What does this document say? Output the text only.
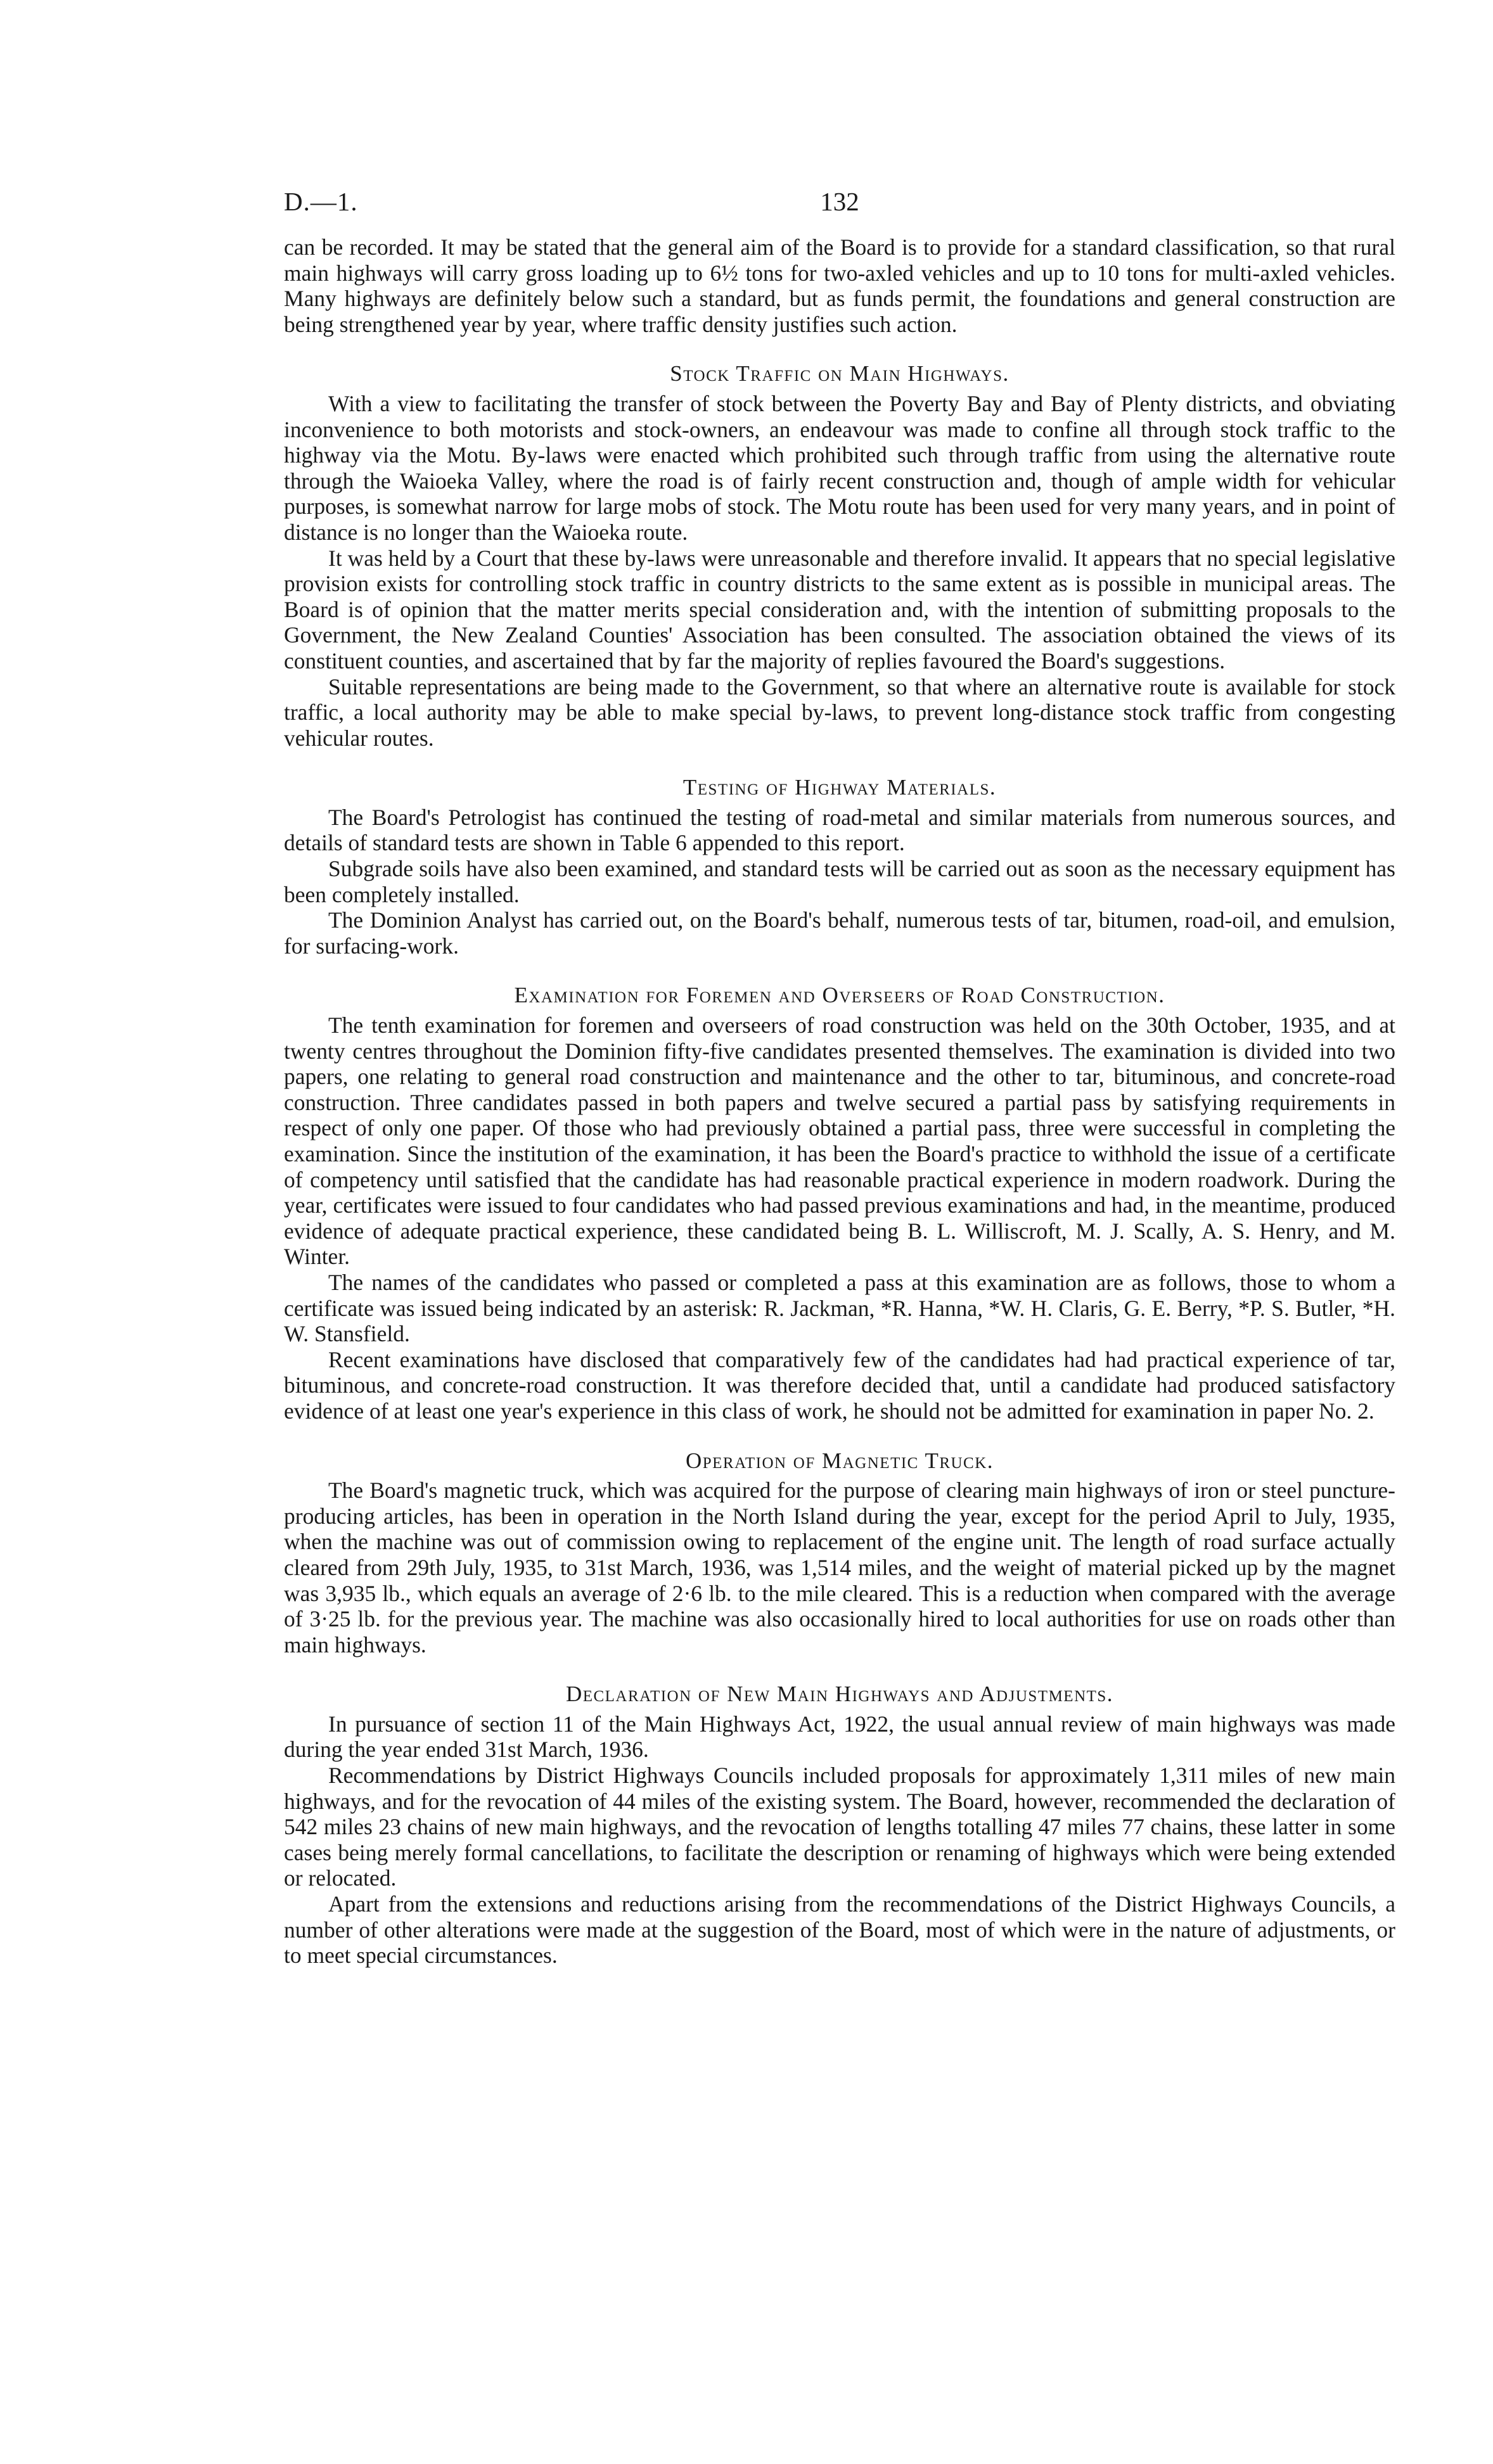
D.—1.	132

can be recorded. It may be stated that the general aim of the Board is to provide for a standard classification, so that rural main highways will carry gross loading up to 6½ tons for two-axled vehicles and up to 10 tons for multi-axled vehicles. Many highways are definitely below such a standard, but as funds permit, the foundations and general construction are being strengthened year by year, where traffic density justifies such action.

Stock Traffic on Main Highways.

With a view to facilitating the transfer of stock between the Poverty Bay and Bay of Plenty districts, and obviating inconvenience to both motorists and stock-owners, an endeavour was made to confine all through stock traffic to the highway via the Motu. By-laws were enacted which prohibited such through traffic from using the alternative route through the Waioeka Valley, where the road is of fairly recent construction and, though of ample width for vehicular purposes, is somewhat narrow for large mobs of stock. The Motu route has been used for very many years, and in point of distance is no longer than the Waioeka route.

It was held by a Court that these by-laws were unreasonable and therefore invalid. It appears that no special legislative provision exists for controlling stock traffic in country districts to the same extent as is possible in municipal areas. The Board is of opinion that the matter merits special consideration and, with the intention of submitting proposals to the Government, the New Zealand Counties' Association has been consulted. The association obtained the views of its constituent counties, and ascertained that by far the majority of replies favoured the Board's suggestions.

Suitable representations are being made to the Government, so that where an alternative route is available for stock traffic, a local authority may be able to make special by-laws, to prevent long-distance stock traffic from congesting vehicular routes.

Testing of Highway Materials.

The Board's Petrologist has continued the testing of road-metal and similar materials from numerous sources, and details of standard tests are shown in Table 6 appended to this report.

Subgrade soils have also been examined, and standard tests will be carried out as soon as the necessary equipment has been completely installed.

The Dominion Analyst has carried out, on the Board's behalf, numerous tests of tar, bitumen, road-oil, and emulsion, for surfacing-work.

Examination for Foremen and Overseers of Road Construction.

The tenth examination for foremen and overseers of road construction was held on the 30th October, 1935, and at twenty centres throughout the Dominion fifty-five candidates presented themselves. The examination is divided into two papers, one relating to general road construction and maintenance and the other to tar, bituminous, and concrete-road construction. Three candidates passed in both papers and twelve secured a partial pass by satisfying requirements in respect of only one paper. Of those who had previously obtained a partial pass, three were successful in completing the examination. Since the institution of the examination, it has been the Board's practice to withhold the issue of a certificate of competency until satisfied that the candidate has had reasonable practical experience in modern roadwork. During the year, certificates were issued to four candidates who had passed previous examinations and had, in the meantime, produced evidence of adequate practical experience, these candidated being B. L. Williscroft, M. J. Scally, A. S. Henry, and M. Winter.

The names of the candidates who passed or completed a pass at this examination are as follows, those to whom a certificate was issued being indicated by an asterisk: R. Jackman, *R. Hanna, *W. H. Claris, G. E. Berry, *P. S. Butler, *H. W. Stansfield.

Recent examinations have disclosed that comparatively few of the candidates had had practical experience of tar, bituminous, and concrete-road construction. It was therefore decided that, until a candidate had produced satisfactory evidence of at least one year's experience in this class of work, he should not be admitted for examination in paper No. 2.

Operation of Magnetic Truck.

The Board's magnetic truck, which was acquired for the purpose of clearing main highways of iron or steel puncture-producing articles, has been in operation in the North Island during the year, except for the period April to July, 1935, when the machine was out of commission owing to replacement of the engine unit. The length of road surface actually cleared from 29th July, 1935, to 31st March, 1936, was 1,514 miles, and the weight of material picked up by the magnet was 3,935 lb., which equals an average of 2·6 lb. to the mile cleared. This is a reduction when compared with the average of 3·25 lb. for the previous year. The machine was also occasionally hired to local authorities for use on roads other than main highways.

Declaration of New Main Highways and Adjustments.

In pursuance of section 11 of the Main Highways Act, 1922, the usual annual review of main highways was made during the year ended 31st March, 1936.

Recommendations by District Highways Councils included proposals for approximately 1,311 miles of new main highways, and for the revocation of 44 miles of the existing system. The Board, however, recommended the declaration of 542 miles 23 chains of new main highways, and the revocation of lengths totalling 47 miles 77 chains, these latter in some cases being merely formal cancellations, to facilitate the description or renaming of highways which were being extended or relocated.

Apart from the extensions and reductions arising from the recommendations of the District Highways Councils, a number of other alterations were made at the suggestion of the Board, most of which were in the nature of adjustments, or to meet special circumstances.
